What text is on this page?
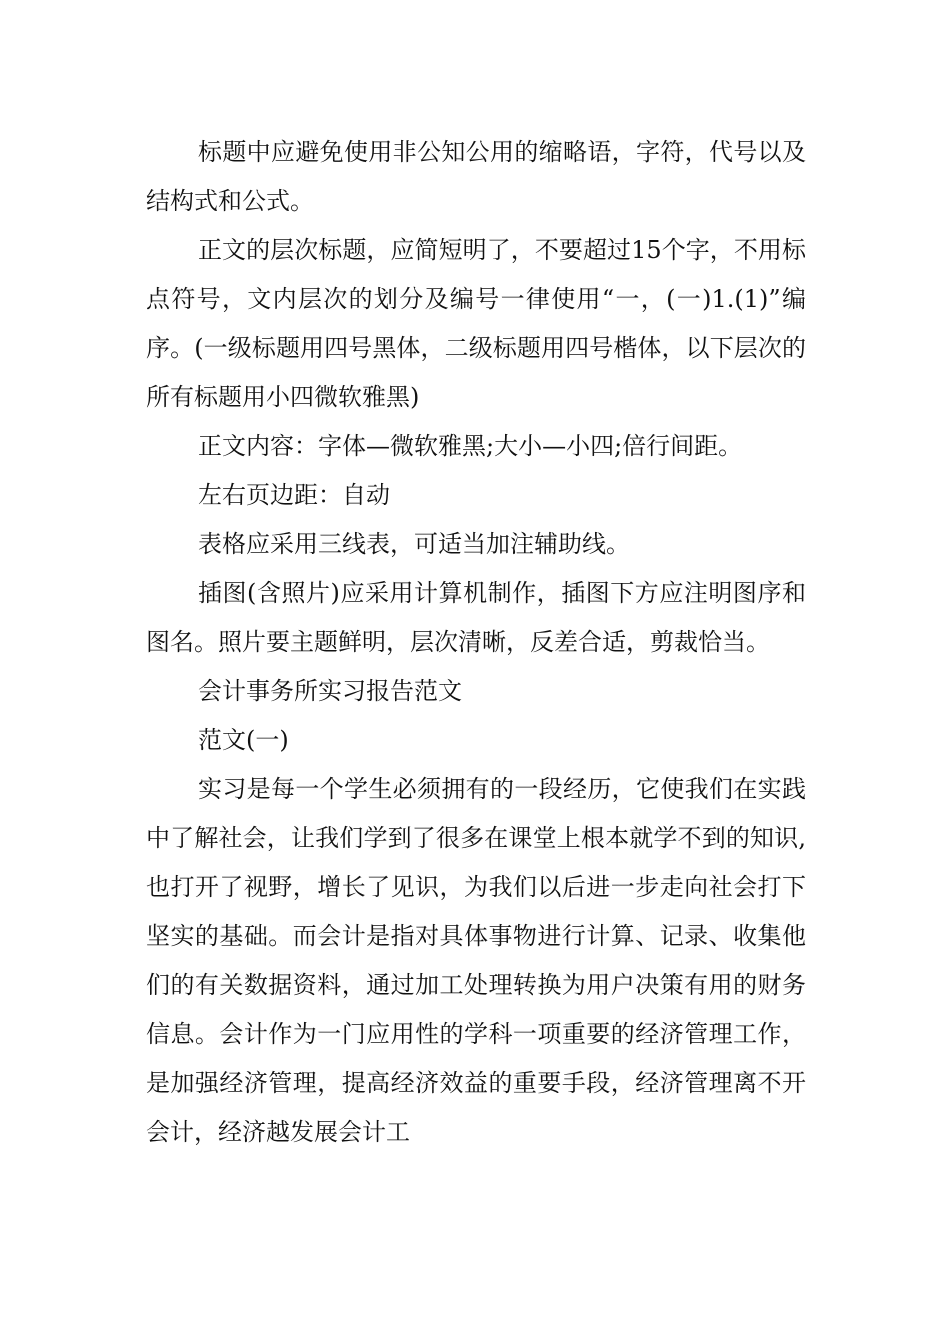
标题中应避免使用非公知公用的缩略语，字符，代号以及结构式和公式。

正文的层次标题，应简短明了，不要超过15个字，不用标点符号，文内层次的划分及编号一律使用“一，(一)1.(1)”编序。(一级标题用四号黑体，二级标题用四号楷体，以下层次的所有标题用小四微软雅黑)

正文内容：字体—微软雅黑;大小—小四;倍行间距。

左右页边距：自动

表格应采用三线表，可适当加注辅助线。

插图(含照片)应采用计算机制作，插图下方应注明图序和图名。照片要主题鲜明，层次清晰，反差合适，剪裁恰当。

会计事务所实习报告范文

范文(一)

实习是每一个学生必须拥有的一段经历，它使我们在实践中了解社会，让我们学到了很多在课堂上根本就学不到的知识,也打开了视野，增长了见识，为我们以后进一步走向社会打下坚实的基础。而会计是指对具体事物进行计算、记录、收集他们的有关数据资料，通过加工处理转换为用户决策有用的财务信息。会计作为一门应用性的学科一项重要的经济管理工作，是加强经济管理，提高经济效益的重要手段，经济管理离不开会计，经济越发展会计工
